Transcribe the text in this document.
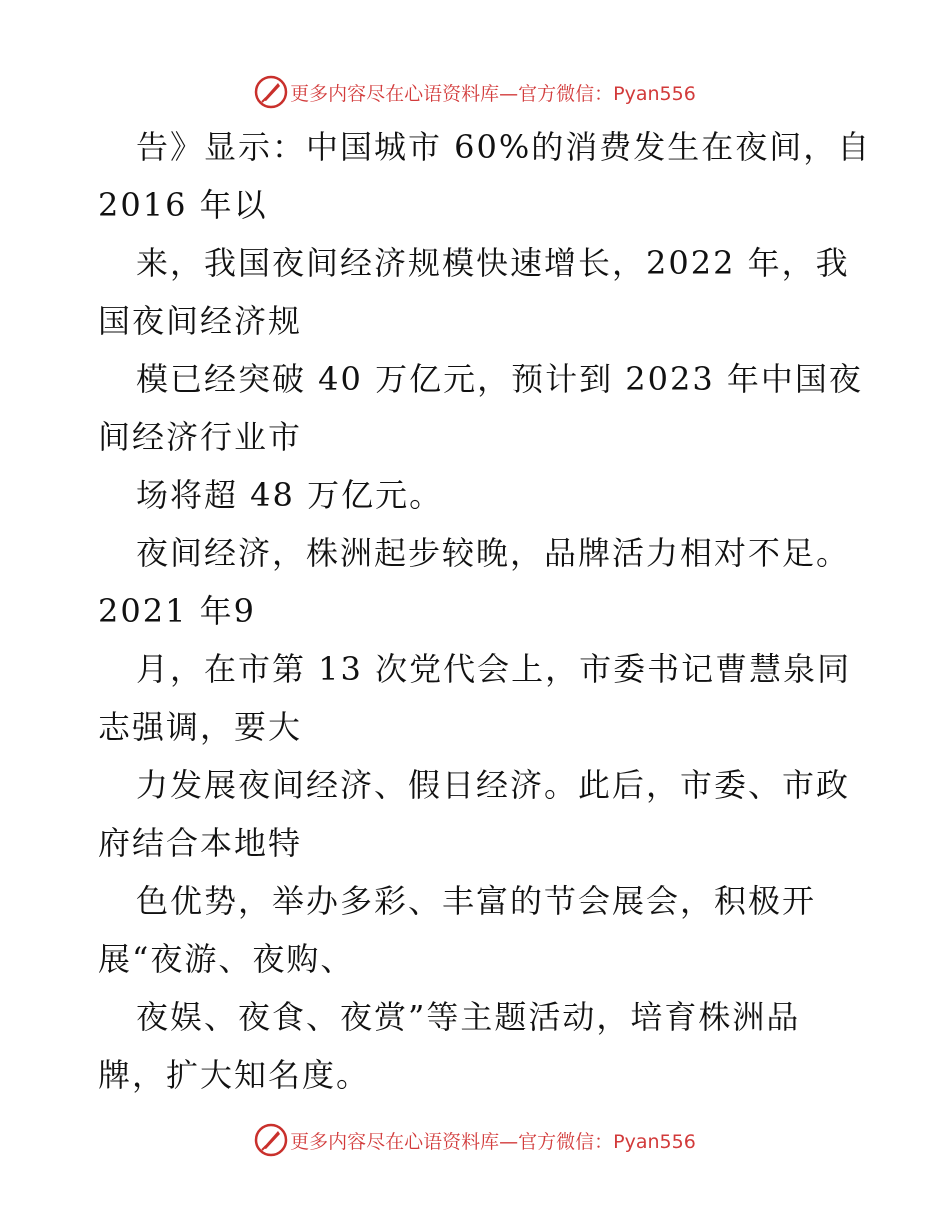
更多内容尽在心语资料库—官方微信：Pyan556
告》显示：中国城市 60%的消费发生在夜间，自
2016 年以
来，我国夜间经济规模快速增长，2022 年，我
国夜间经济规
模已经突破 40 万亿元，预计到 2023 年中国夜
间经济行业市
场将超 48 万亿元。
夜间经济，株洲起步较晚，品牌活力相对不足。
2021 年9
月，在市第 13 次党代会上，市委书记曹慧泉同
志强调，要大
力发展夜间经济、假日经济。此后，市委、市政
府结合本地特
色优势，举办多彩、丰富的节会展会，积极开
展“夜游、夜购、
夜娱、夜食、夜赏”等主题活动，培育株洲品
牌，扩大知名度。
更多内容尽在心语资料库—官方微信：Pyan556
